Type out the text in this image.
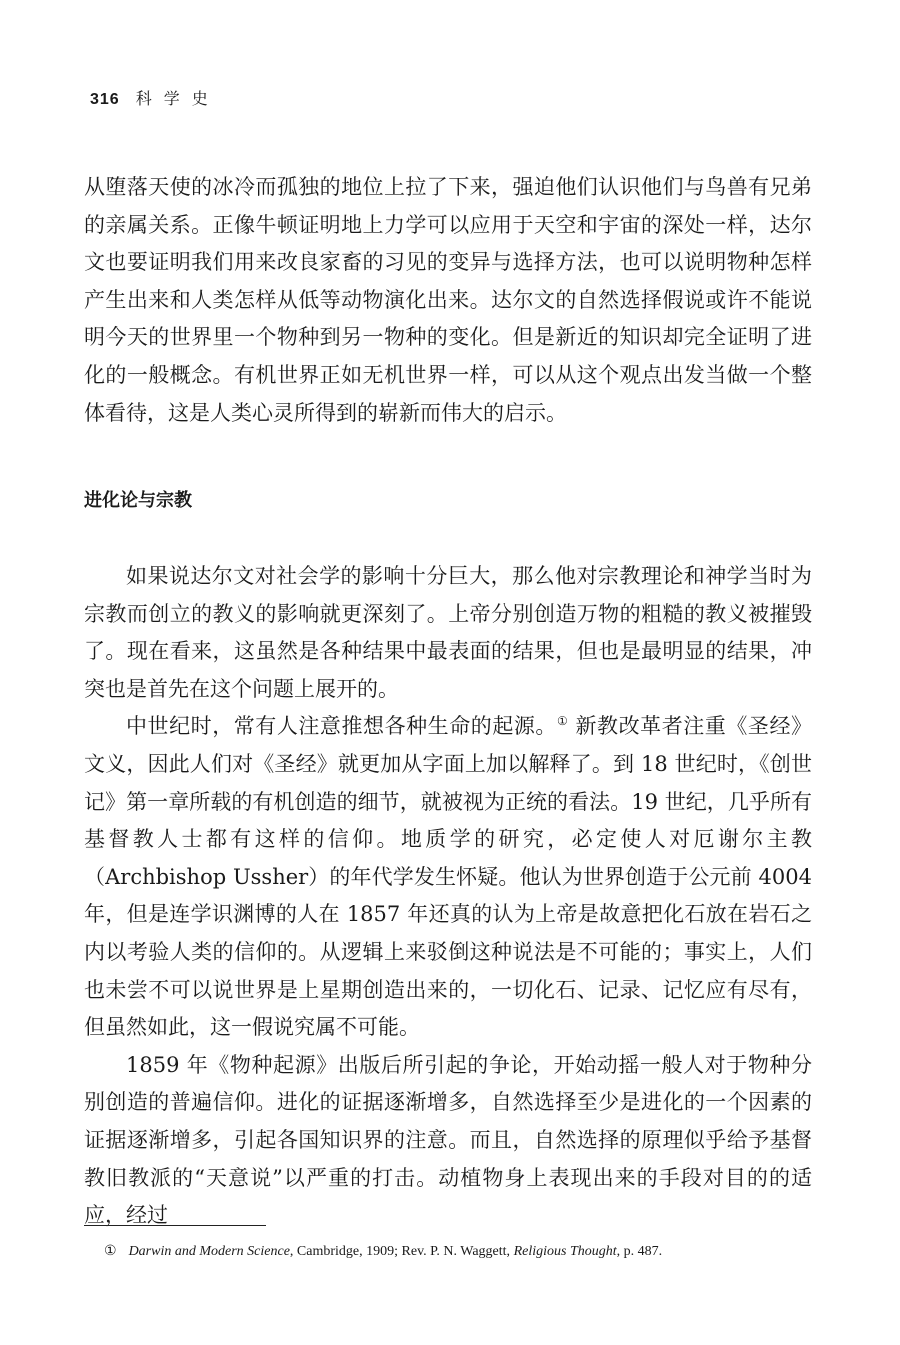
316 科学史

从堕落天使的冰冷而孤独的地位上拉了下来，强迫他们认识他们与鸟兽有兄弟的亲属关系。正像牛顿证明地上力学可以应用于天空和宇宙的深处一样，达尔文也要证明我们用来改良家畜的习见的变异与选择方法，也可以说明物种怎样产生出来和人类怎样从低等动物演化出来。达尔文的自然选择假说或许不能说明今天的世界里一个物种到另一物种的变化。但是新近的知识却完全证明了进化的一般概念。有机世界正如无机世界一样，可以从这个观点出发当做一个整体看待，这是人类心灵所得到的崭新而伟大的启示。

进化论与宗教

如果说达尔文对社会学的影响十分巨大，那么他对宗教理论和神学当时为宗教而创立的教义的影响就更深刻了。上帝分别创造万物的粗糙的教义被摧毁了。现在看来，这虽然是各种结果中最表面的结果，但也是最明显的结果，冲突也是首先在这个问题上展开的。

中世纪时，常有人注意推想各种生命的起源。① 新教改革者注重《圣经》文义，因此人们对《圣经》就更加从字面上加以解释了。到 18 世纪时，《创世记》第一章所载的有机创造的细节，就被视为正统的看法。19 世纪，几乎所有基督教人士都有这样的信仰。地质学的研究，必定使人对厄谢尔主教（Archbishop Ussher）的年代学发生怀疑。他认为世界创造于公元前 4004 年，但是连学识渊博的人在 1857 年还真的认为上帝是故意把化石放在岩石之内以考验人类的信仰的。从逻辑上来驳倒这种说法是不可能的；事实上，人们也未尝不可以说世界是上星期创造出来的，一切化石、记录、记忆应有尽有，但虽然如此，这一假说究属不可能。

1859 年《物种起源》出版后所引起的争论，开始动摇一般人对于物种分别创造的普遍信仰。进化的证据逐渐增多，自然选择至少是进化的一个因素的证据逐渐增多，引起各国知识界的注意。而且，自然选择的原理似乎给予基督教旧教派的“天意说”以严重的打击。动植物身上表现出来的手段对目的的适应，经过

① Darwin and Modern Science, Cambridge, 1909; Rev. P. N. Waggett, Religious Thought, p. 487.
